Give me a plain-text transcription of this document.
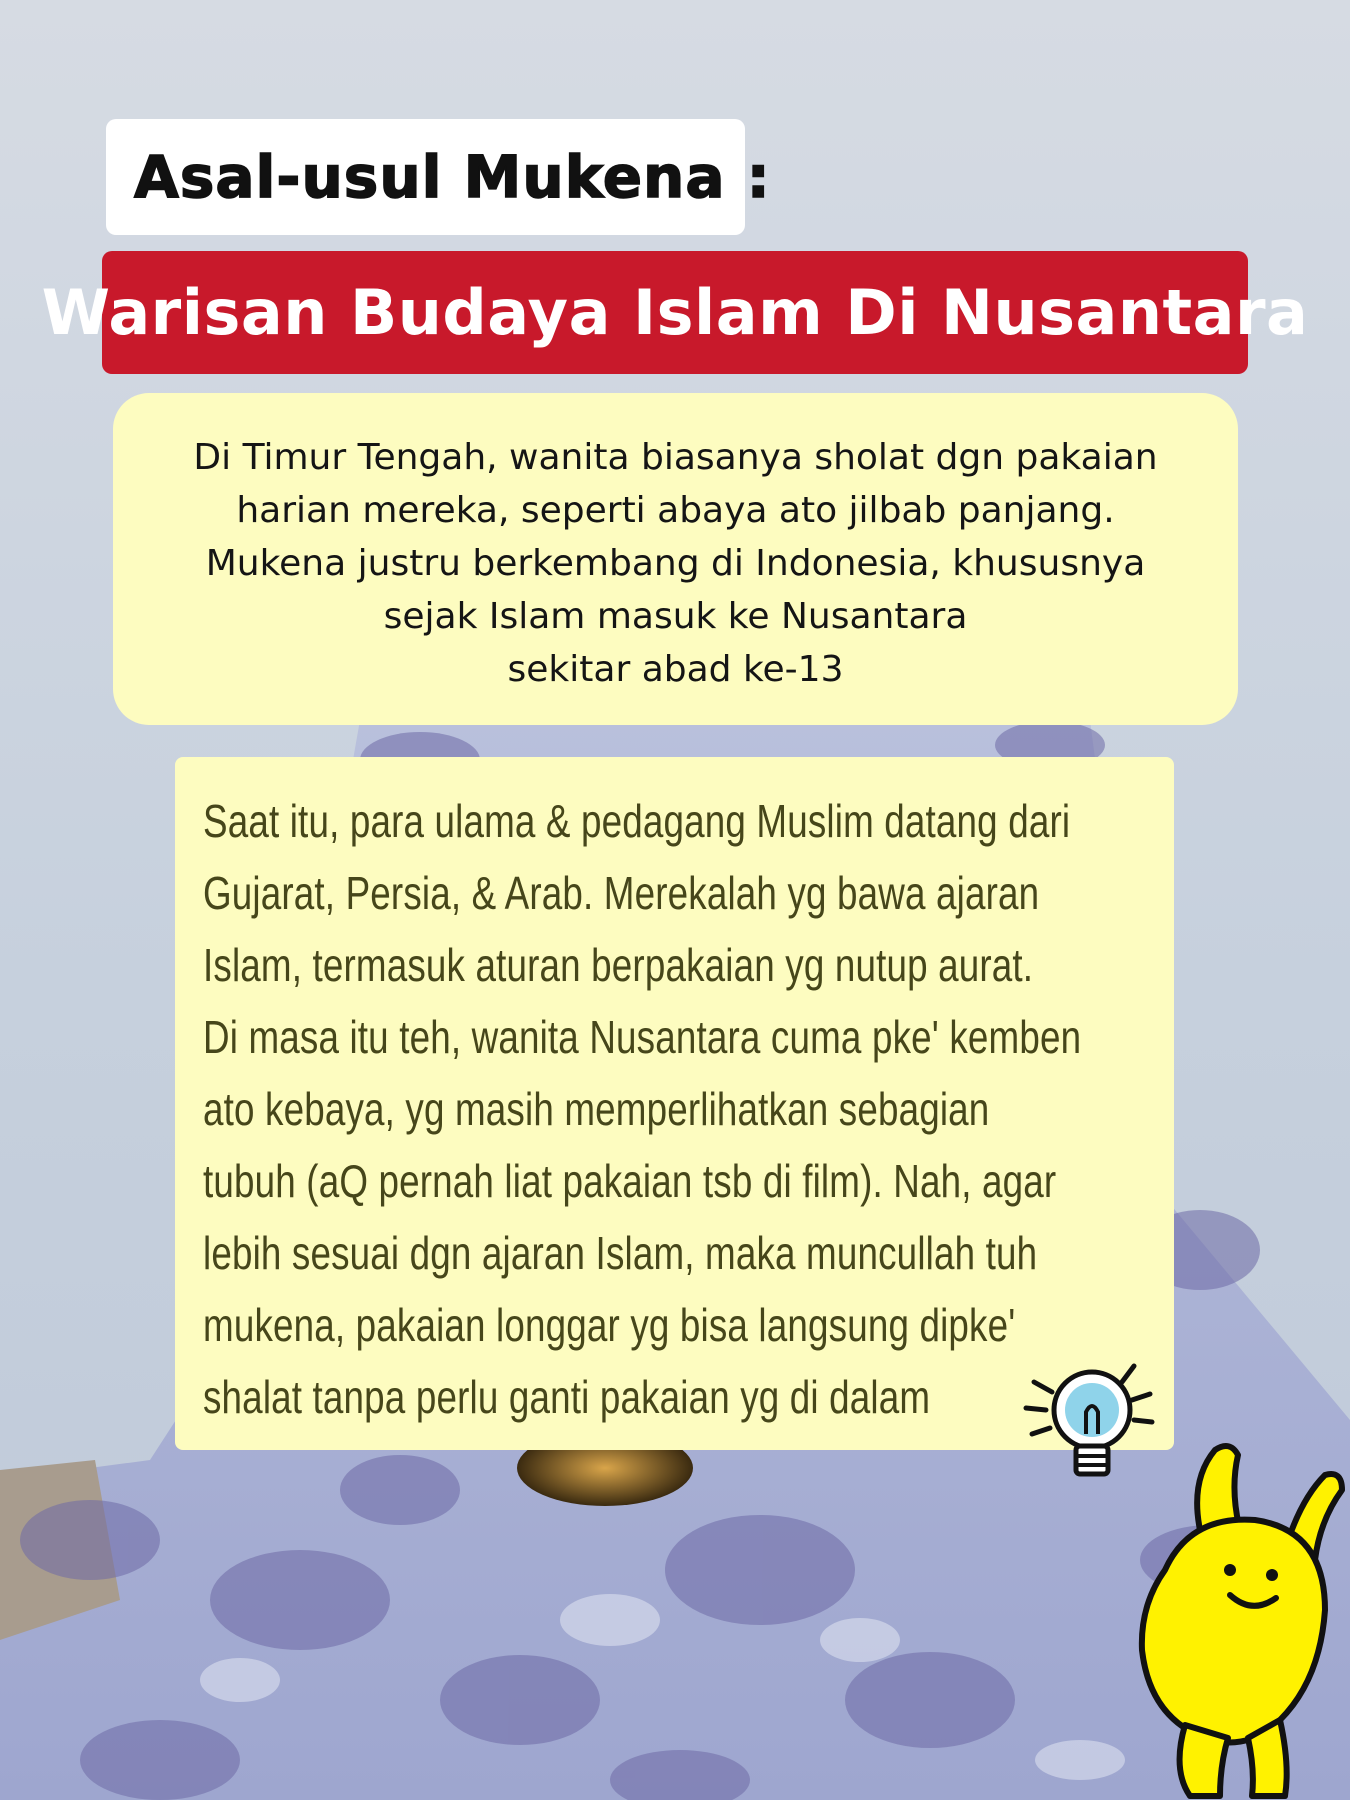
Asal-usul Mukena :
Warisan Budaya Islam Di Nusantara
Di Timur Tengah, wanita biasanya sholat dgn pakaian
harian mereka, seperti abaya ato jilbab panjang.
Mukena justru berkembang di Indonesia, khususnya
sejak Islam masuk ke Nusantara
sekitar abad ke-13
Saat itu, para ulama & pedagang Muslim datang dari
Gujarat, Persia, & Arab. Merekalah yg bawa ajaran
Islam, termasuk aturan berpakaian yg nutup aurat.
Di masa itu teh, wanita Nusantara cuma pke' kemben
ato kebaya, yg masih memperlihatkan sebagian
tubuh (aQ pernah liat pakaian tsb di film). Nah, agar
lebih sesuai dgn ajaran Islam, maka muncullah tuh
mukena, pakaian longgar yg bisa langsung dipke'
shalat tanpa perlu ganti pakaian yg di dalam
